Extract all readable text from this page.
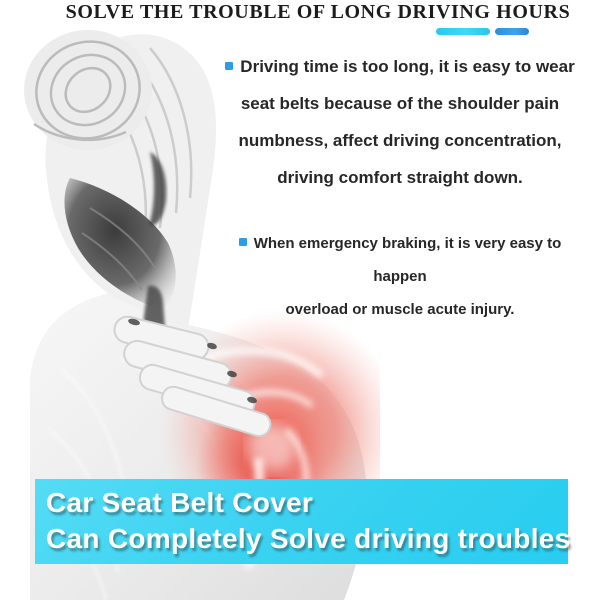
SOLVE THE TROUBLE OF LONG DRIVING HOURS
Driving time is too long, it is easy to wear
seat belts because of the shoulder pain
numbness, affect driving concentration,
driving comfort straight down.
When emergency braking, it is very easy to happen
overload or muscle acute injury.
Car Seat Belt Cover
Can Completely Solve driving troubles
